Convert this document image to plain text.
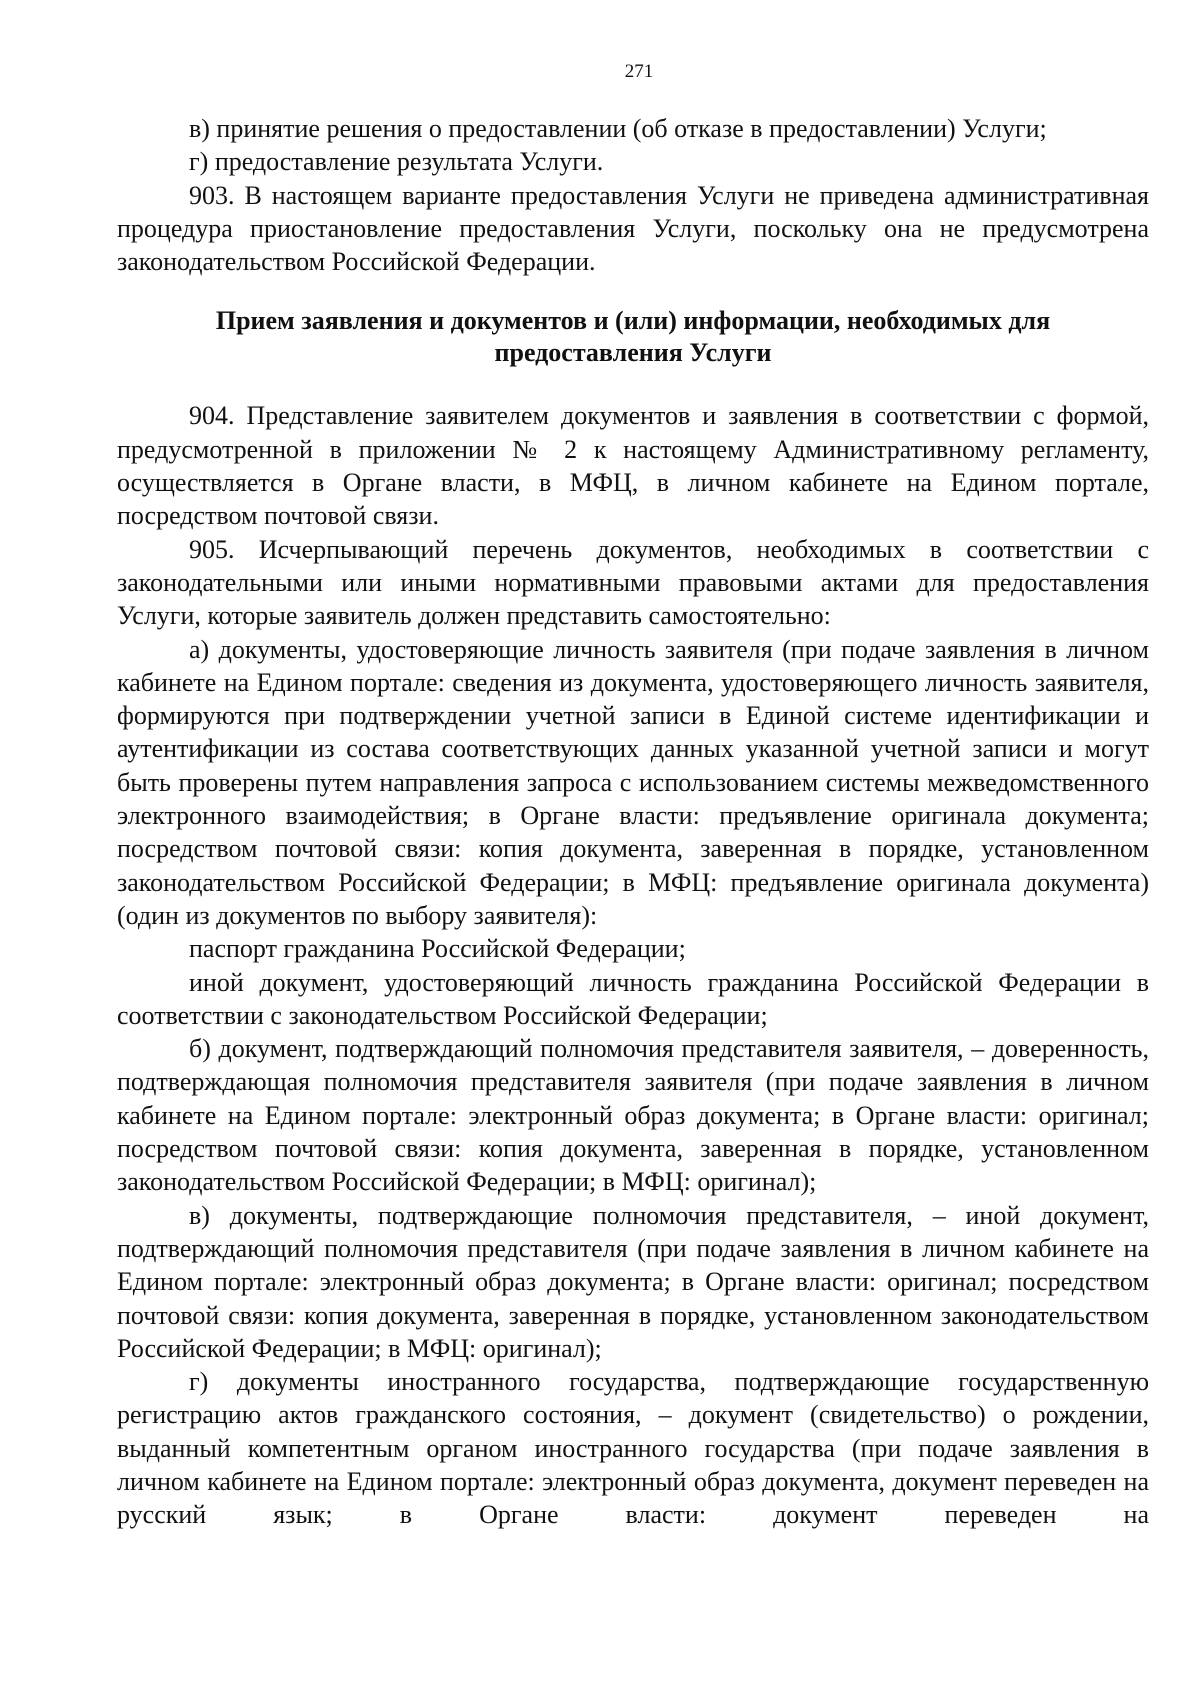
271

в) принятие решения о предоставлении (об отказе в предоставлении) Услуги;

г) предоставление результата Услуги.

903. В настоящем варианте предоставления Услуги не приведена административная процедура приостановление предоставления Услуги, поскольку она не предусмотрена законодательством Российской Федерации.

Прием заявления и документов и (или) информации, необходимых для
предоставления Услуги

904. Представление заявителем документов и заявления в соответствии с формой, предусмотренной в приложении № 2 к настоящему Административному регламенту, осуществляется в Органе власти, в МФЦ, в личном кабинете на Едином портале, посредством почтовой связи.

905. Исчерпывающий перечень документов, необходимых в соответствии с законодательными или иными нормативными правовыми актами для предоставления Услуги, которые заявитель должен представить самостоятельно:

а) документы, удостоверяющие личность заявителя (при подаче заявления в личном кабинете на Едином портале: сведения из документа, удостоверяющего личность заявителя, формируются при подтверждении учетной записи в Единой системе идентификации и аутентификации из состава соответствующих данных указанной учетной записи и могут быть проверены путем направления запроса с использованием системы межведомственного электронного взаимодействия; в Органе власти: предъявление оригинала документа; посредством почтовой связи: копия документа, заверенная в порядке, установленном законодательством Российской Федерации; в МФЦ: предъявление оригинала документа) (один из документов по выбору заявителя):

паспорт гражданина Российской Федерации;

иной документ, удостоверяющий личность гражданина Российской Федерации в соответствии с законодательством Российской Федерации;

б) документ, подтверждающий полномочия представителя заявителя, – доверенность, подтверждающая полномочия представителя заявителя (при подаче заявления в личном кабинете на Едином портале: электронный образ документа; в Органе власти: оригинал; посредством почтовой связи: копия документа, заверенная в порядке, установленном законодательством Российской Федерации; в МФЦ: оригинал);

в) документы, подтверждающие полномочия представителя, – иной документ, подтверждающий полномочия представителя (при подаче заявления в личном кабинете на Едином портале: электронный образ документа; в Органе власти: оригинал; посредством почтовой связи: копия документа, заверенная в порядке, установленном законодательством Российской Федерации; в МФЦ: оригинал);

г) документы иностранного государства, подтверждающие государственную регистрацию актов гражданского состояния, – документ (свидетельство) о рождении, выданный компетентным органом иностранного государства (при подаче заявления в личном кабинете на Едином портале: электронный образ документа, документ переведен на русский язык; в Органе власти: документ переведен на
